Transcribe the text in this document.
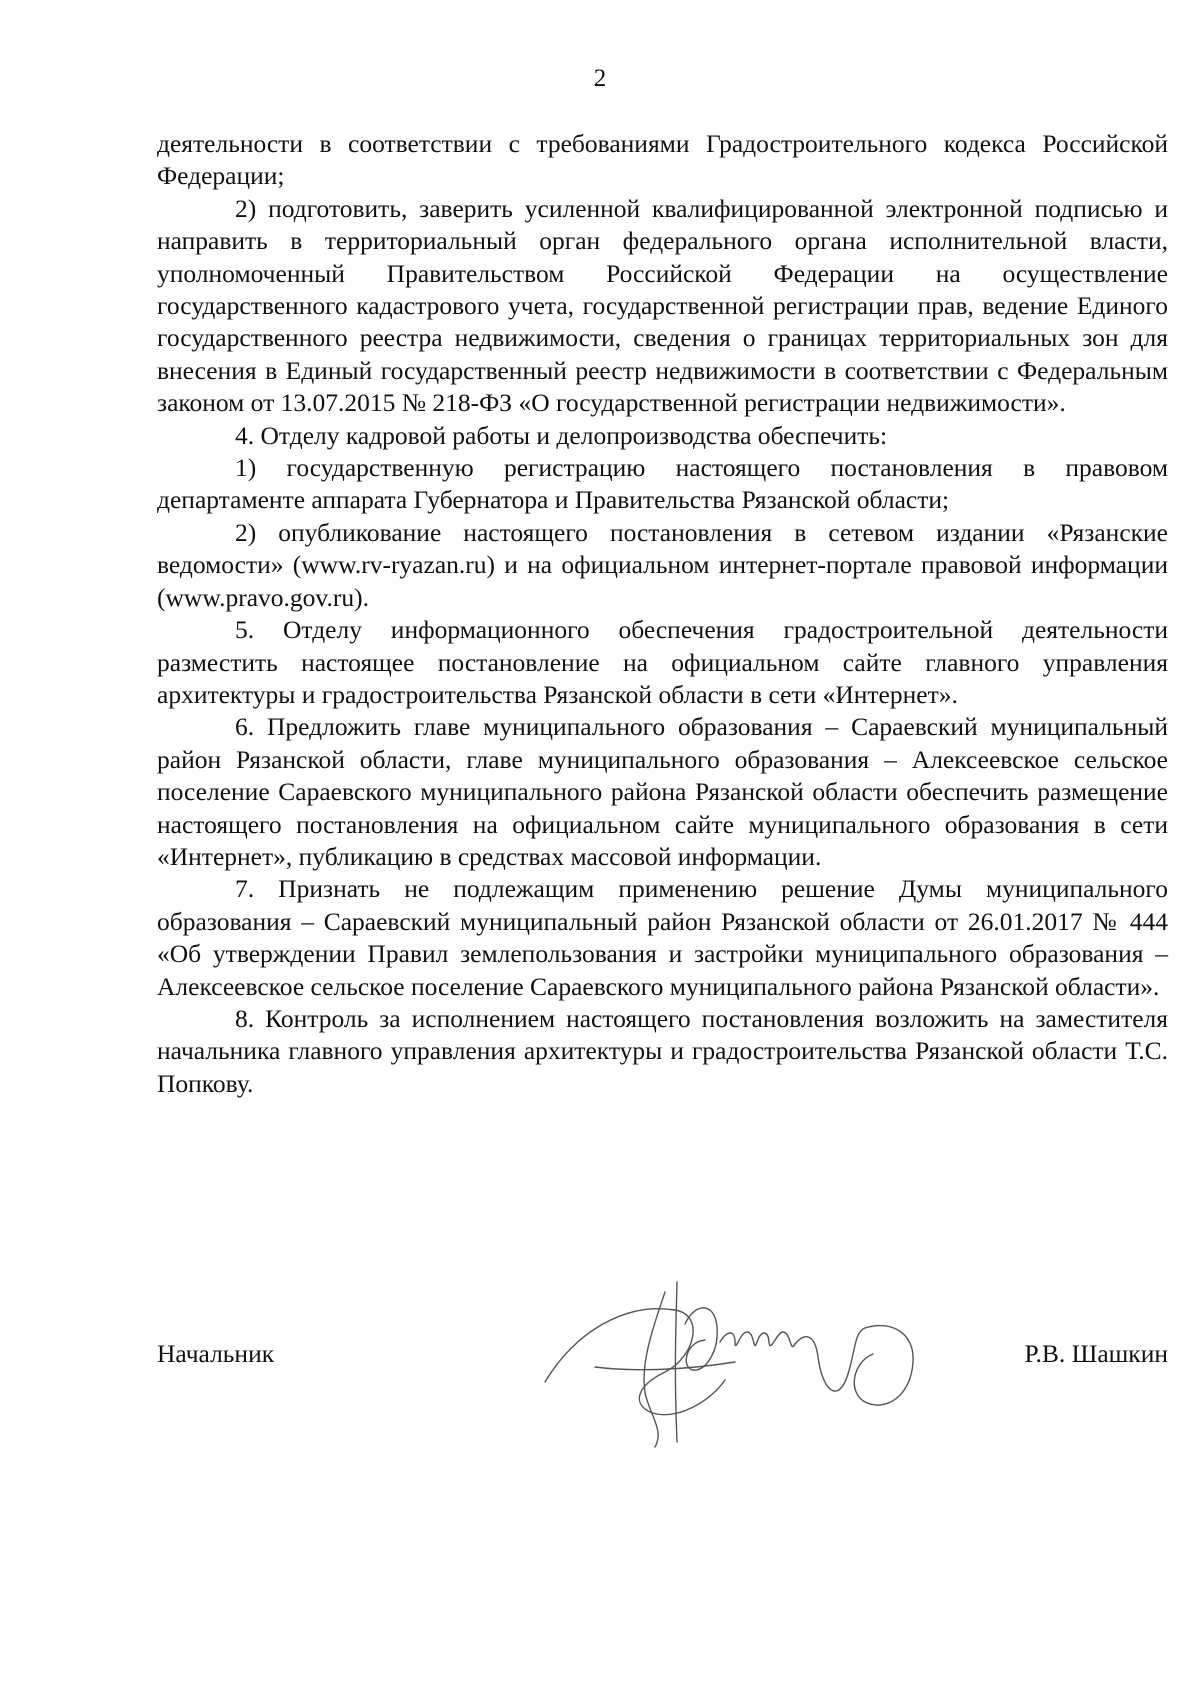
2

деятельности в соответствии с требованиями Градостроительного кодекса Российской Федерации;

2) подготовить, заверить усиленной квалифицированной электронной подписью и направить в территориальный орган федерального органа исполнительной власти, уполномоченный Правительством Российской Федерации на осуществление государственного кадастрового учета, государственной регистрации прав, ведение Единого государственного реестра недвижимости, сведения о границах территориальных зон для внесения в Единый государственный реестр недвижимости в соответствии с Федеральным законом от 13.07.2015 № 218-ФЗ «О государственной регистрации недвижимости».

4. Отделу кадровой работы и делопроизводства обеспечить:

1) государственную регистрацию настоящего постановления в правовом департаменте аппарата Губернатора и Правительства Рязанской области;

2) опубликование настоящего постановления в сетевом издании «Рязанские ведомости» (www.rv-ryazan.ru) и на официальном интернет-портале правовой информации (www.pravo.gov.ru).

5. Отделу информационного обеспечения градостроительной деятельности разместить настоящее постановление на официальном сайте главного управления архитектуры и градостроительства Рязанской области в сети «Интернет».

6. Предложить главе муниципального образования – Сараевский муниципальный район Рязанской области, главе муниципального образования – Алексеевское сельское поселение Сараевского муниципального района Рязанской области обеспечить размещение настоящего постановления на официальном сайте муниципального образования в сети «Интернет», публикацию в средствах массовой информации.

7. Признать не подлежащим применению решение Думы муниципального образования – Сараевский муниципальный район Рязанской области от 26.01.2017 № 444 «Об утверждении Правил землепользования и застройки муниципального образования – Алексеевское сельское поселение Сараевского муниципального района Рязанской области».

8. Контроль за исполнением настоящего постановления возложить на заместителя начальника главного управления архитектуры и градостроительства Рязанской области Т.С. Попкову.

Начальник	Р.В. Шашкин
